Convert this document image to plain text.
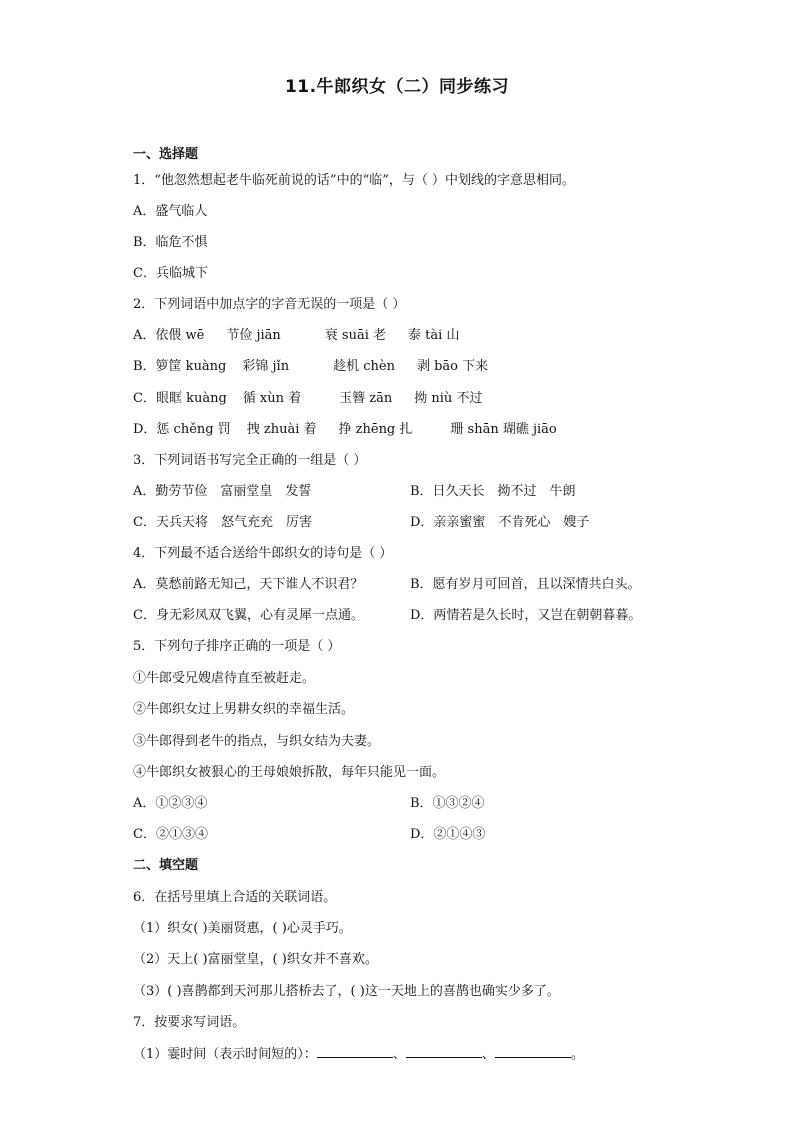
11.牛郎织女（二）同步练习
一、选择题
1．“他忽然想起老牛临死前说的话”中的“临”，与（ ）中划线的字意思相同。
A．盛气临人
B．临危不惧
C．兵临城下
2．下列词语中加点字的字音无误的一项是（ ）
A．依偎 wē 节俭 jiān	衰 suāi 老 泰 tài 山
B．箩筐 kuàng 彩锦 jǐn	趁机 chèn 剥 bāo 下来
C．眼眶 kuàng 循 xùn 着	玉簪 zān 拗 niù 不过
D．惩 chěng 罚 拽 zhuài 着 挣 zhēng 扎	珊 shān 瑚礁 jiāo
3．下列词语书写完全正确的一组是（ ）
A．勤劳节俭　富丽堂皇　发誓	B．日久天长　拗不过　牛朗
C．天兵天将　怒气充充　厉害	D．亲亲蜜蜜　不肯死心　嫂子
4．下列最不适合送给牛郎织女的诗句是（ ）
A．莫愁前路无知己，天下谁人不识君？	B．愿有岁月可回首，且以深情共白头。
C．身无彩凤双飞翼，心有灵犀一点通。	D．两情若是久长时，又岂在朝朝暮暮。
5．下列句子排序正确的一项是（ ）
①牛郎受兄嫂虐待直至被赶走。
②牛郎织女过上男耕女织的幸福生活。
③牛郎得到老牛的指点，与织女结为夫妻。
④牛郎织女被狠心的王母娘娘拆散，每年只能见一面。
A．①②③④	B．①③②④
C．②①③④	D．②①④③
二、填空题
6．在括号里填上合适的关联词语。
（1）织女( )美丽贤惠，( )心灵手巧。
（2）天上( )富丽堂皇，( )织女并不喜欢。
（3）( )喜鹊都到天河那儿搭桥去了，( )这一天地上的喜鹊也确实少多了。
7．按要求写词语。
（1）霎时间（表示时间短的）：	、	、	。
